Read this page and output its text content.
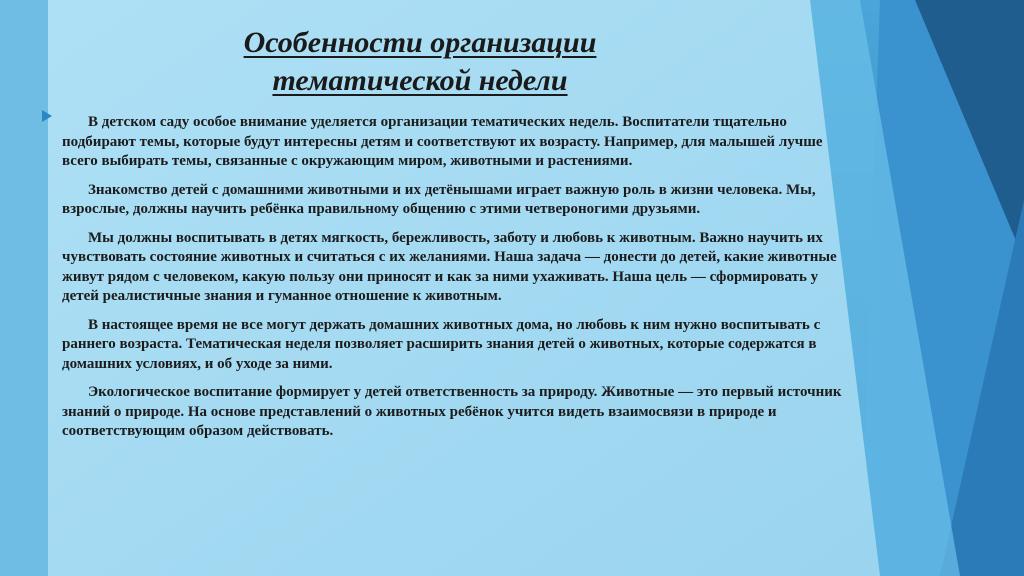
Особенности организации
тематической недели

В детском саду особое внимание уделяется организации тематических недель. Воспитатели тщательно подбирают темы, которые будут интересны детям и соответствуют их возрасту. Например, для малышей лучше всего выбирать темы, связанные с окружающим миром, животными и растениями.

Знакомство детей с домашними животными и их детёнышами играет важную роль в жизни человека. Мы, взрослые, должны научить ребёнка правильному общению с этими четвероногими друзьями.

Мы должны воспитывать в детях мягкость, бережливость, заботу и любовь к животным. Важно научить их чувствовать состояние животных и считаться с их желаниями. Наша задача — донести до детей, какие животные живут рядом с человеком, какую пользу они приносят и как за ними ухаживать. Наша цель — сформировать у детей реалистичные знания и гуманное отношение к животным.

В настоящее время не все могут держать домашних животных дома, но любовь к ним нужно воспитывать с раннего возраста. Тематическая неделя позволяет расширить знания детей о животных, которые содержатся в домашних условиях, и об уходе за ними.

Экологическое воспитание формирует у детей ответственность за природу. Животные — это первый источник знаний о природе. На основе представлений о животных ребёнок учится видеть взаимосвязи в природе и соответствующим образом действовать.
